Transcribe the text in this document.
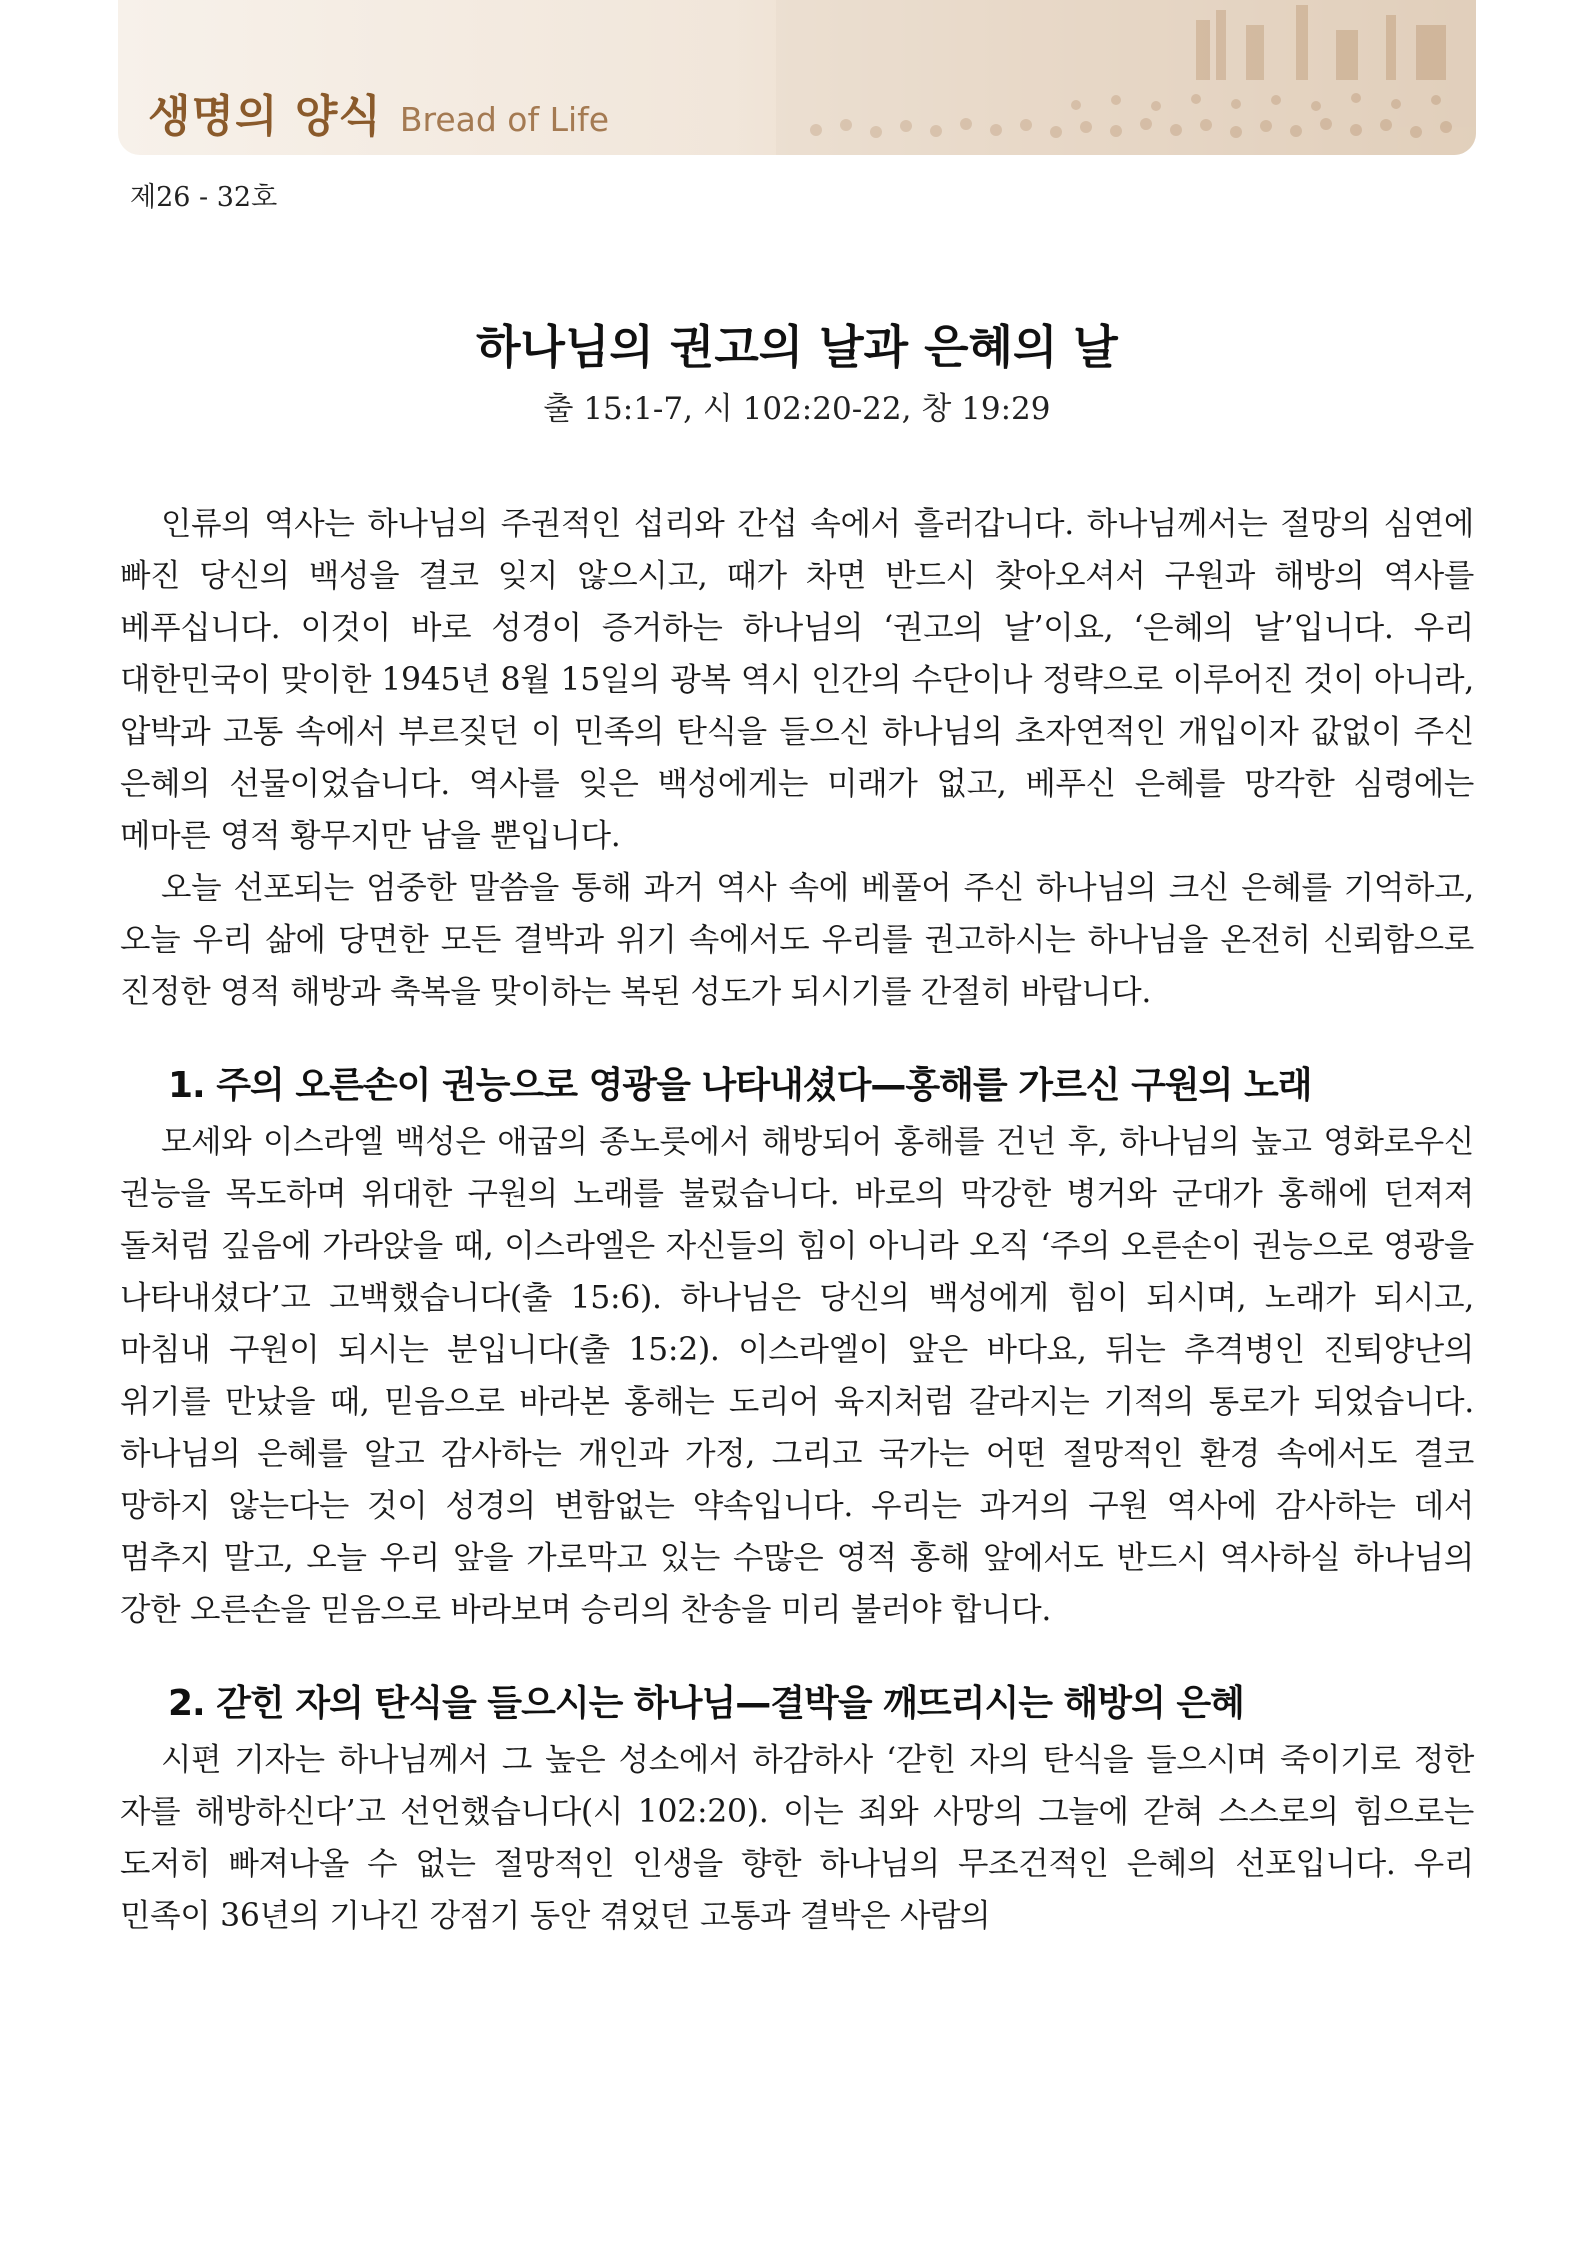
생명의 양식 Bread of Life
제26 - 32호
하나님의 권고의 날과 은혜의 날
출 15:1-7, 시 102:20-22, 창 19:29

인류의 역사는 하나님의 주권적인 섭리와 간섭 속에서 흘러갑니다. 하나님께서는 절망의 심연에 빠진 당신의 백성을 결코 잊지 않으시고, 때가 차면 반드시 찾아오셔서 구원과 해방의 역사를 베푸십니다. 이것이 바로 성경이 증거하는 하나님의 ‘권고의 날’이요, ‘은혜의 날’입니다. 우리 대한민국이 맞이한 1945년 8월 15일의 광복 역시 인간의 수단이나 정략으로 이루어진 것이 아니라, 압박과 고통 속에서 부르짖던 이 민족의 탄식을 들으신 하나님의 초자연적인 개입이자 값없이 주신 은혜의 선물이었습니다. 역사를 잊은 백성에게는 미래가 없고, 베푸신 은혜를 망각한 심령에는 메마른 영적 황무지만 남을 뿐입니다.

오늘 선포되는 엄중한 말씀을 통해 과거 역사 속에 베풀어 주신 하나님의 크신 은혜를 기억하고, 오늘 우리 삶에 당면한 모든 결박과 위기 속에서도 우리를 권고하시는 하나님을 온전히 신뢰함으로 진정한 영적 해방과 축복을 맞이하는 복된 성도가 되시기를 간절히 바랍니다.

1. 주의 오른손이 권능으로 영광을 나타내셨다—홍해를 가르신 구원의 노래

모세와 이스라엘 백성은 애굽의 종노릇에서 해방되어 홍해를 건넌 후, 하나님의 높고 영화로우신 권능을 목도하며 위대한 구원의 노래를 불렀습니다. 바로의 막강한 병거와 군대가 홍해에 던져져 돌처럼 깊음에 가라앉을 때, 이스라엘은 자신들의 힘이 아니라 오직 ‘주의 오른손이 권능으로 영광을 나타내셨다’고 고백했습니다(출 15:6). 하나님은 당신의 백성에게 힘이 되시며, 노래가 되시고, 마침내 구원이 되시는 분입니다(출 15:2). 이스라엘이 앞은 바다요, 뒤는 추격병인 진퇴양난의 위기를 만났을 때, 믿음으로 바라본 홍해는 도리어 육지처럼 갈라지는 기적의 통로가 되었습니다. 하나님의 은혜를 알고 감사하는 개인과 가정, 그리고 국가는 어떤 절망적인 환경 속에서도 결코 망하지 않는다는 것이 성경의 변함없는 약속입니다. 우리는 과거의 구원 역사에 감사하는 데서 멈추지 말고, 오늘 우리 앞을 가로막고 있는 수많은 영적 홍해 앞에서도 반드시 역사하실 하나님의 강한 오른손을 믿음으로 바라보며 승리의 찬송을 미리 불러야 합니다.

2. 갇힌 자의 탄식을 들으시는 하나님—결박을 깨뜨리시는 해방의 은혜

시편 기자는 하나님께서 그 높은 성소에서 하감하사 ‘갇힌 자의 탄식을 들으시며 죽이기로 정한 자를 해방하신다’고 선언했습니다(시 102:20). 이는 죄와 사망의 그늘에 갇혀 스스로의 힘으로는 도저히 빠져나올 수 없는 절망적인 인생을 향한 하나님의 무조건적인 은혜의 선포입니다. 우리 민족이 36년의 기나긴 강점기 동안 겪었던 고통과 결박은 사람의
